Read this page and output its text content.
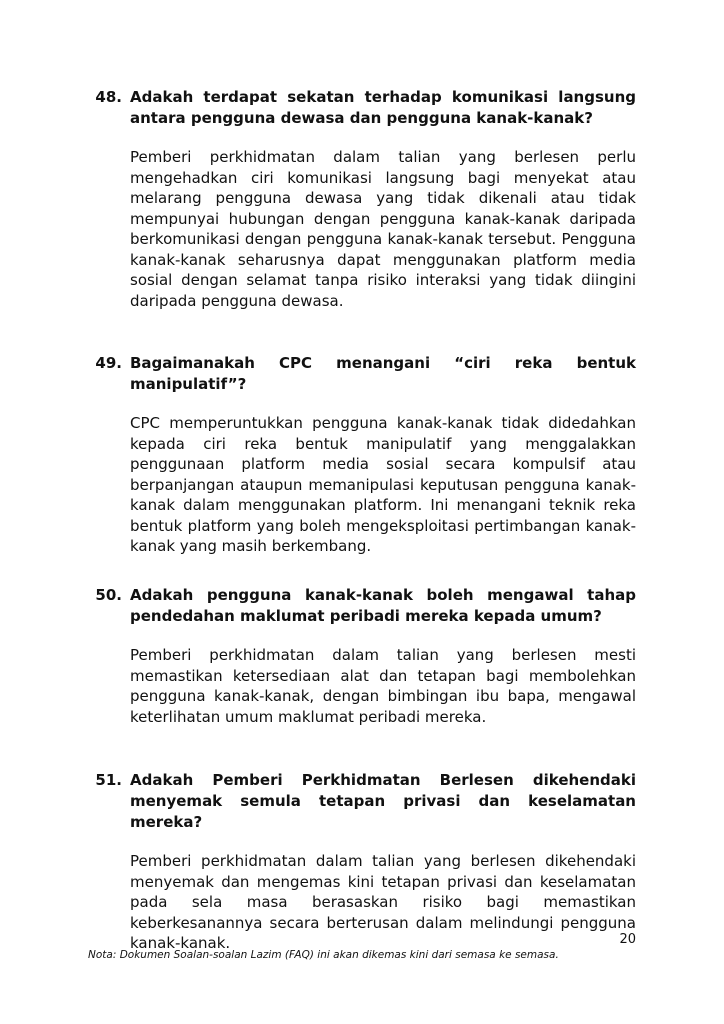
48. Adakah terdapat sekatan terhadap komunikasi langsung antara pengguna dewasa dan pengguna kanak-kanak?
Pemberi perkhidmatan dalam talian yang berlesen perlu mengehadkan ciri komunikasi langsung bagi menyekat atau melarang pengguna dewasa yang tidak dikenali atau tidak mempunyai hubungan dengan pengguna kanak-kanak daripada berkomunikasi dengan pengguna kanak-kanak tersebut. Pengguna kanak-kanak seharusnya dapat menggunakan platform media sosial dengan selamat tanpa risiko interaksi yang tidak diingini daripada pengguna dewasa.
49. Bagaimanakah CPC menangani “ciri reka bentuk manipulatif”?
CPC memperuntukkan pengguna kanak-kanak tidak didedahkan kepada ciri reka bentuk manipulatif yang menggalakkan penggunaan platform media sosial secara kompulsif atau berpanjangan ataupun memanipulasi keputusan pengguna kanak-kanak dalam menggunakan platform. Ini menangani teknik reka bentuk platform yang boleh mengeksploitasi pertimbangan kanak-kanak yang masih berkembang.
50. Adakah pengguna kanak-kanak boleh mengawal tahap pendedahan maklumat peribadi mereka kepada umum?
Pemberi perkhidmatan dalam talian yang berlesen mesti memastikan ketersediaan alat dan tetapan bagi membolehkan pengguna kanak-kanak, dengan bimbingan ibu bapa, mengawal keterlihatan umum maklumat peribadi mereka.
51. Adakah Pemberi Perkhidmatan Berlesen dikehendaki menyemak semula tetapan privasi dan keselamatan mereka?
Pemberi perkhidmatan dalam talian yang berlesen dikehendaki menyemak dan mengemas kini tetapan privasi dan keselamatan pada sela masa berasaskan risiko bagi memastikan keberkesanannya secara berterusan dalam melindungi pengguna kanak-kanak.	20
Nota: Dokumen Soalan-soalan Lazim (FAQ) ini akan dikemas kini dari semasa ke semasa.
